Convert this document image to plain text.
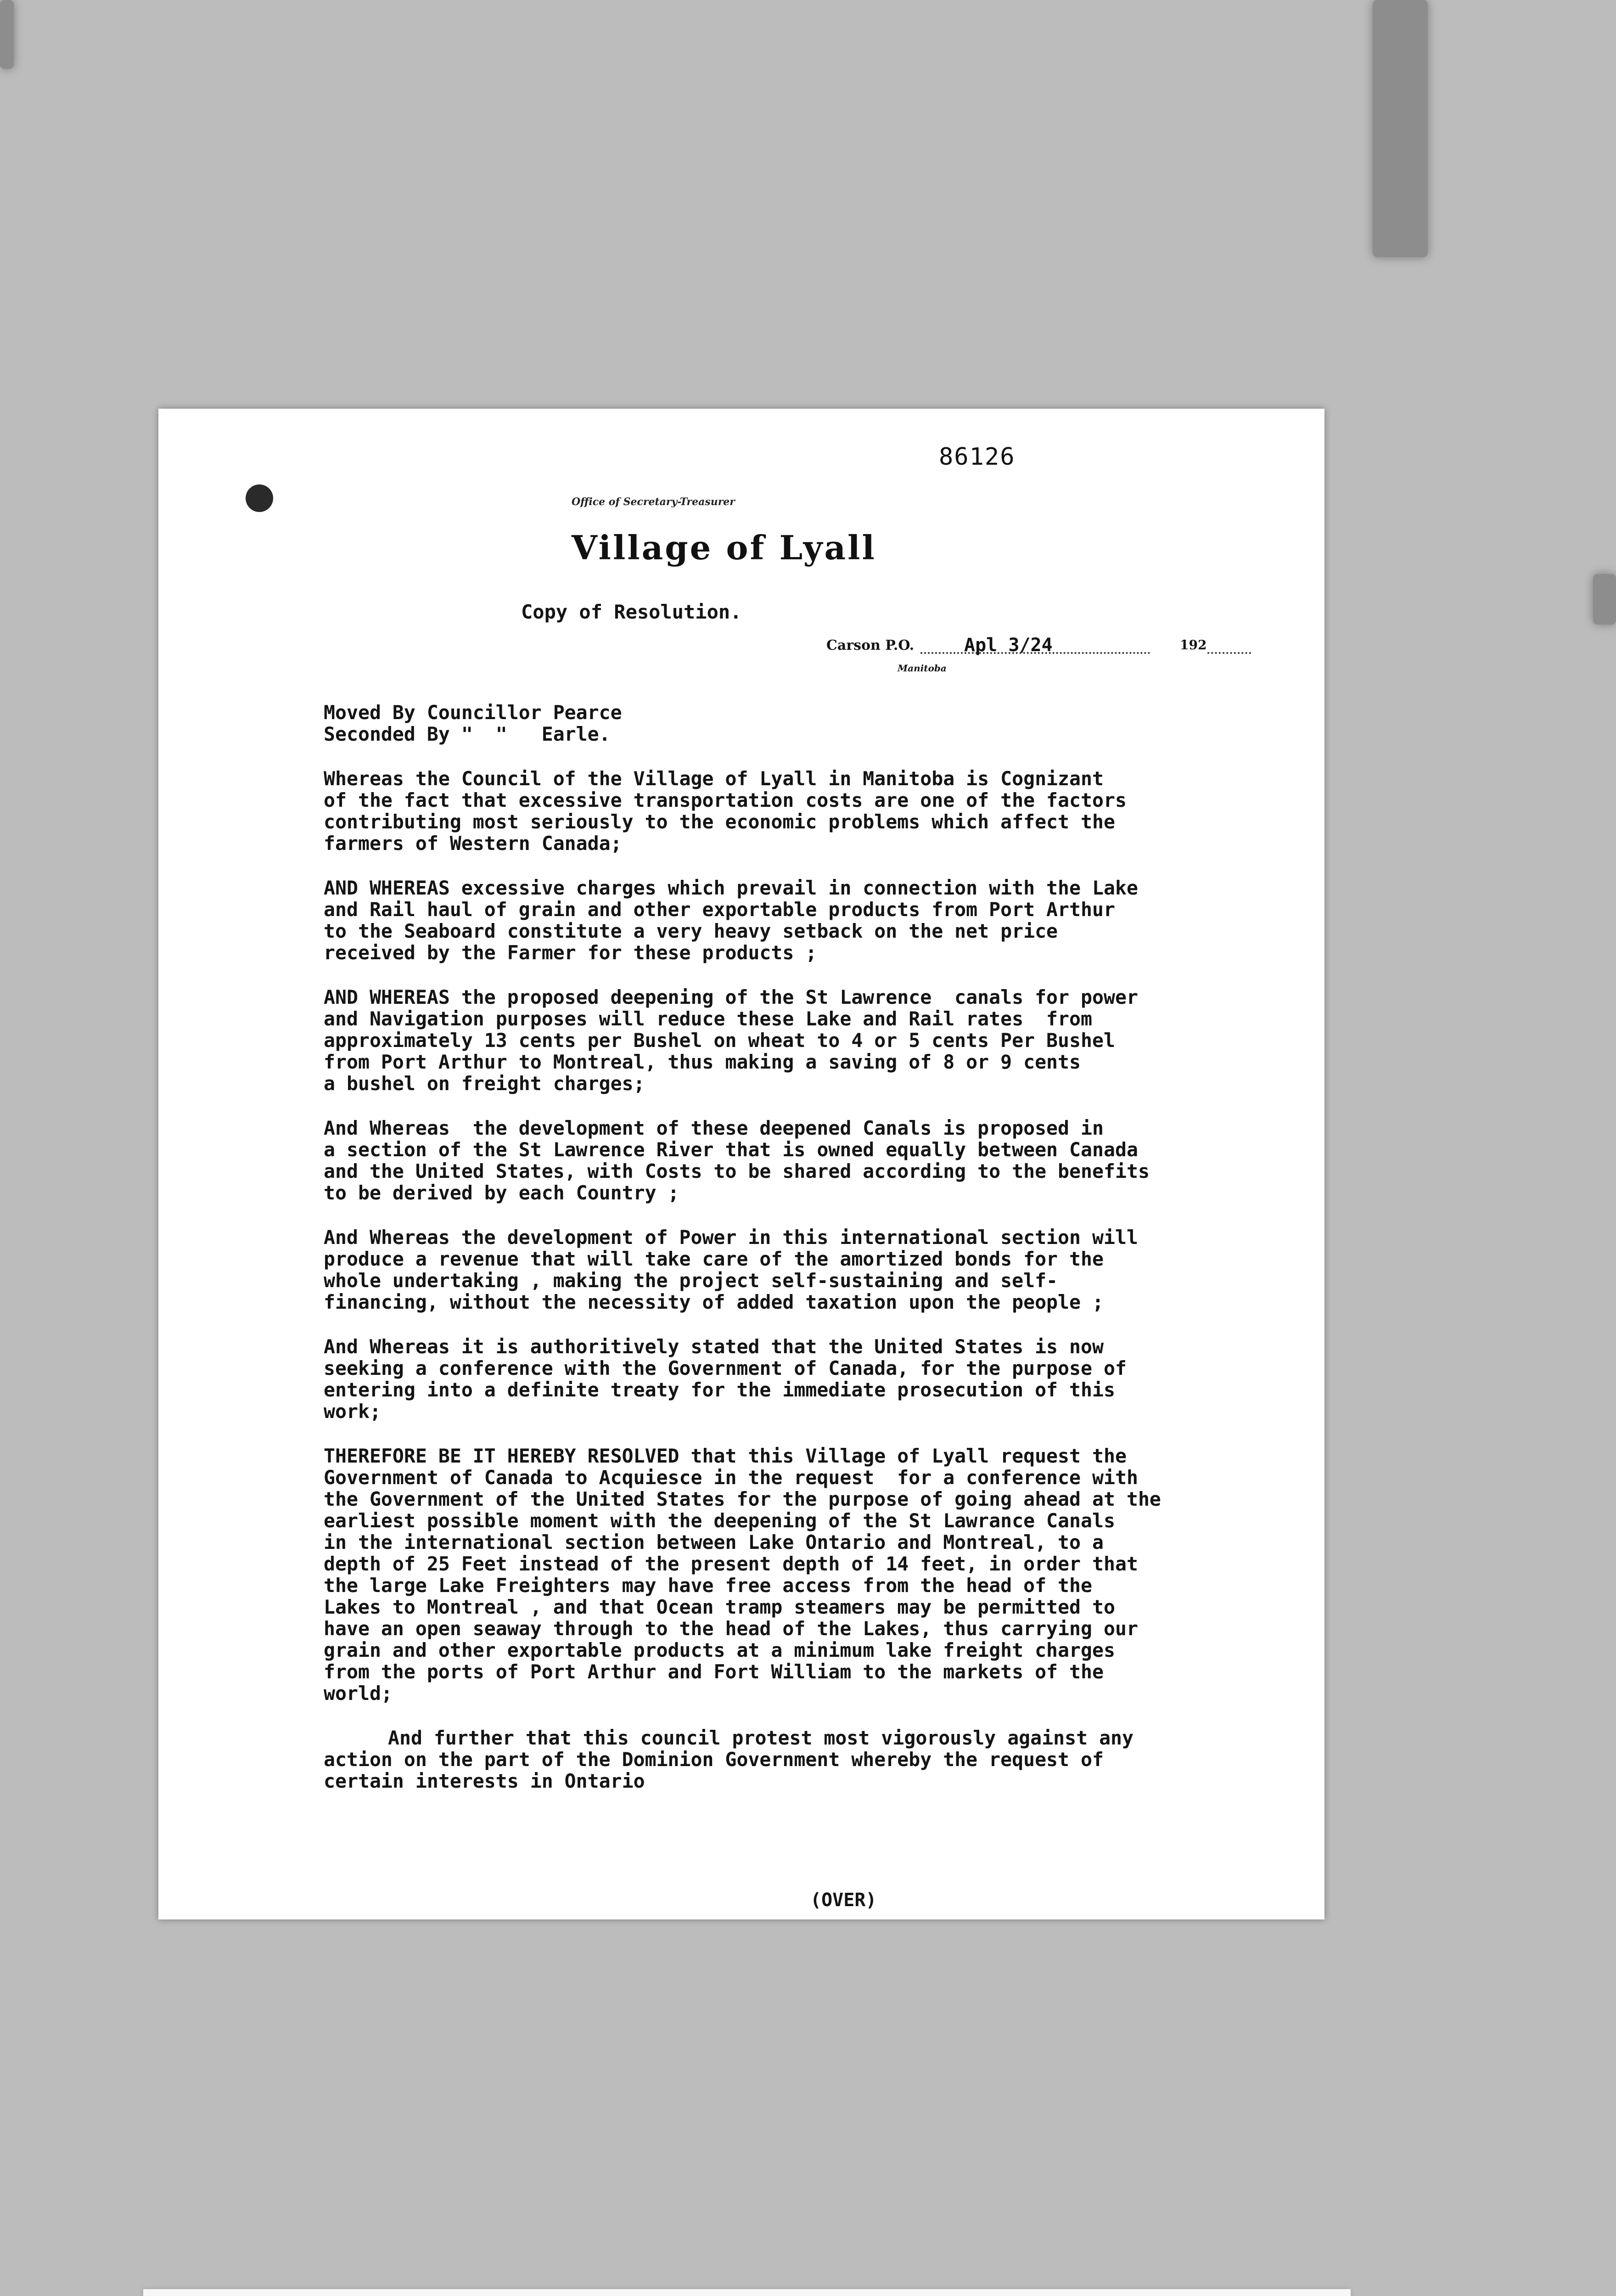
86126
Office of Secretary-Treasurer
Village of Lyall
Copy of Resolution.
Carson P.O.	Apl 3/24	192
Manitoba
Moved By Councillor Pearce
Seconded By "  "   Earle.
Whereas the Council of the Village of Lyall in Manitoba is Cognizant
of the fact that excessive transportation costs are one of the factors
contributing most seriously to the economic problems which affect the
farmers of Western Canada;
AND WHEREAS excessive charges which prevail in connection with the Lake
and Rail haul of grain and other exportable products from Port Arthur
to the Seaboard constitute a very heavy setback on the net price
received by the Farmer for these products ;
AND WHEREAS the proposed deepening of the St Lawrence  canals for power
and Navigation purposes will reduce these Lake and Rail rates  from
approximately 13 cents per Bushel on wheat to 4 or 5 cents Per Bushel
from Port Arthur to Montreal, thus making a saving of 8 or 9 cents
a bushel on freight charges;
And Whereas  the development of these deepened Canals is proposed in
a section of the St Lawrence River that is owned equally between Canada
and the United States, with Costs to be shared according to the benefits
to be derived by each Country ;
And Whereas the development of Power in this international section will
produce a revenue that will take care of the amortized bonds for the
whole undertaking , making the project self-sustaining and self-
financing, without the necessity of added taxation upon the people ;
And Whereas it is authoritively stated that the United States is now
seeking a conference with the Government of Canada, for the purpose of
entering into a definite treaty for the immediate prosecution of this
work;
THEREFORE BE IT HEREBY RESOLVED that this Village of Lyall request the
Government of Canada to Acquiesce in the request  for a conference with
the Government of the United States for the purpose of going ahead at the
earliest possible moment with the deepening of the St Lawrance Canals
in the international section between Lake Ontario and Montreal, to a
depth of 25 Feet instead of the present depth of 14 feet, in order that
the large Lake Freighters may have free access from the head of the
Lakes to Montreal , and that Ocean tramp steamers may be permitted to
have an open seaway through to the head of the Lakes, thus carrying our
grain and other exportable products at a minimum lake freight charges
from the ports of Port Arthur and Fort William to the markets of the
world;
And further that this council protest most vigorously against any
action on the part of the Dominion Government whereby the request of
certain interests in Ontario
(OVER)
